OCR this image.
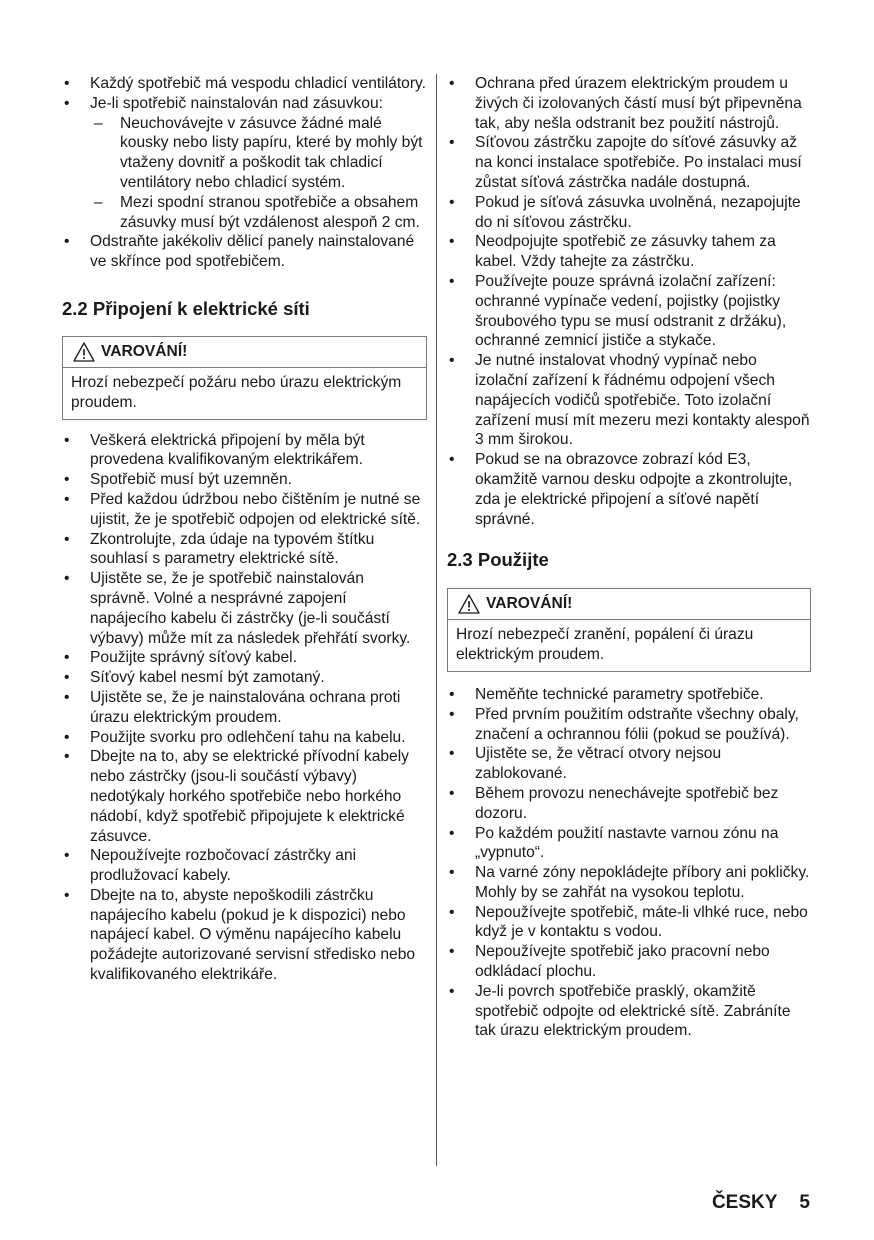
• Každý spotřebič má vespodu chladicí ventilátory.
• Je-li spotřebič nainstalován nad zásuvkou:
– Neuchovávejte v zásuvce žádné malé kousky nebo listy papíru, které by mohly být vtaženy dovnitř a poškodit tak chladicí ventilátory nebo chladicí systém.
– Mezi spodní stranou spotřebiče a obsahem zásuvky musí být vzdálenost alespoň 2 cm.
• Odstraňte jakékoliv dělicí panely nainstalované ve skřínce pod spotřebičem.
2.2 Připojení k elektrické síti
VAROVÁNÍ!
Hrozí nebezpečí požáru nebo úrazu elektrickým proudem.
• Veškerá elektrická připojení by měla být provedena kvalifikovaným elektrikářem.
• Spotřebič musí být uzemněn.
• Před každou údržbou nebo čištěním je nutné se ujistit, že je spotřebič odpojen od elektrické sítě.
• Zkontrolujte, zda údaje na typovém štítku souhlasí s parametry elektrické sítě.
• Ujistěte se, že je spotřebič nainstalován správně. Volné a nesprávné zapojení napájecího kabelu či zástrčky (je-li součástí výbavy) může mít za následek přehřátí svorky.
• Použijte správný síťový kabel.
• Síťový kabel nesmí být zamotaný.
• Ujistěte se, že je nainstalována ochrana proti úrazu elektrickým proudem.
• Použijte svorku pro odlehčení tahu na kabelu.
• Dbejte na to, aby se elektrické přívodní kabely nebo zástrčky (jsou-li součástí výbavy) nedotýkaly horkého spotřebiče nebo horkého nádobí, když spotřebič připojujete k elektrické zásuvce.
• Nepoužívejte rozbočovací zástrčky ani prodlužovací kabely.
• Dbejte na to, abyste nepoškodili zástrčku napájecího kabelu (pokud je k dispozici) nebo napájecí kabel. O výměnu napájecího kabelu požádejte autorizované servisní středisko nebo kvalifikovaného elektrikáře.
• Ochrana před úrazem elektrickým proudem u živých či izolovaných částí musí být připevněna tak, aby nešla odstranit bez použití nástrojů.
• Síťovou zástrčku zapojte do síťové zásuvky až na konci instalace spotřebiče. Po instalaci musí zůstat síťová zástrčka nadále dostupná.
• Pokud je síťová zásuvka uvolněná, nezapojujte do ni síťovou zástrčku.
• Neodpojujte spotřebič ze zásuvky tahem za kabel. Vždy tahejte za zástrčku.
• Používejte pouze správná izolační zařízení: ochranné vypínače vedení, pojistky (pojistky šroubového typu se musí odstranit z držáku), ochranné zemnicí jističe a stykače.
• Je nutné instalovat vhodný vypínač nebo izolační zařízení k řádnému odpojení všech napájecích vodičů spotřebiče. Toto izolační zařízení musí mít mezeru mezi kontakty alespoň 3 mm širokou.
• Pokud se na obrazovce zobrazí kód E3, okamžitě varnou desku odpojte a zkontrolujte, zda je elektrické připojení a síťové napětí správné.
2.3 Použijte
VAROVÁNÍ!
Hrozí nebezpečí zranění, popálení či úrazu elektrickým proudem.
• Neměňte technické parametry spotřebiče.
• Před prvním použitím odstraňte všechny obaly, značení a ochrannou fólii (pokud se používá).
• Ujistěte se, že větrací otvory nejsou zablokované.
• Během provozu nenechávejte spotřebič bez dozoru.
• Po každém použití nastavte varnou zónu na „vypnuto“.
• Na varné zóny nepokládejte příbory ani pokličky. Mohly by se zahřát na vysokou teplotu.
• Nepoužívejte spotřebič, máte-li vlhké ruce, nebo když je v kontaktu s vodou.
• Nepoužívejte spotřebič jako pracovní nebo odkládací plochu.
• Je-li povrch spotřebiče prasklý, okamžitě spotřebič odpojte od elektrické sítě. Zabráníte tak úrazu elektrickým proudem.
ČESKY 5
